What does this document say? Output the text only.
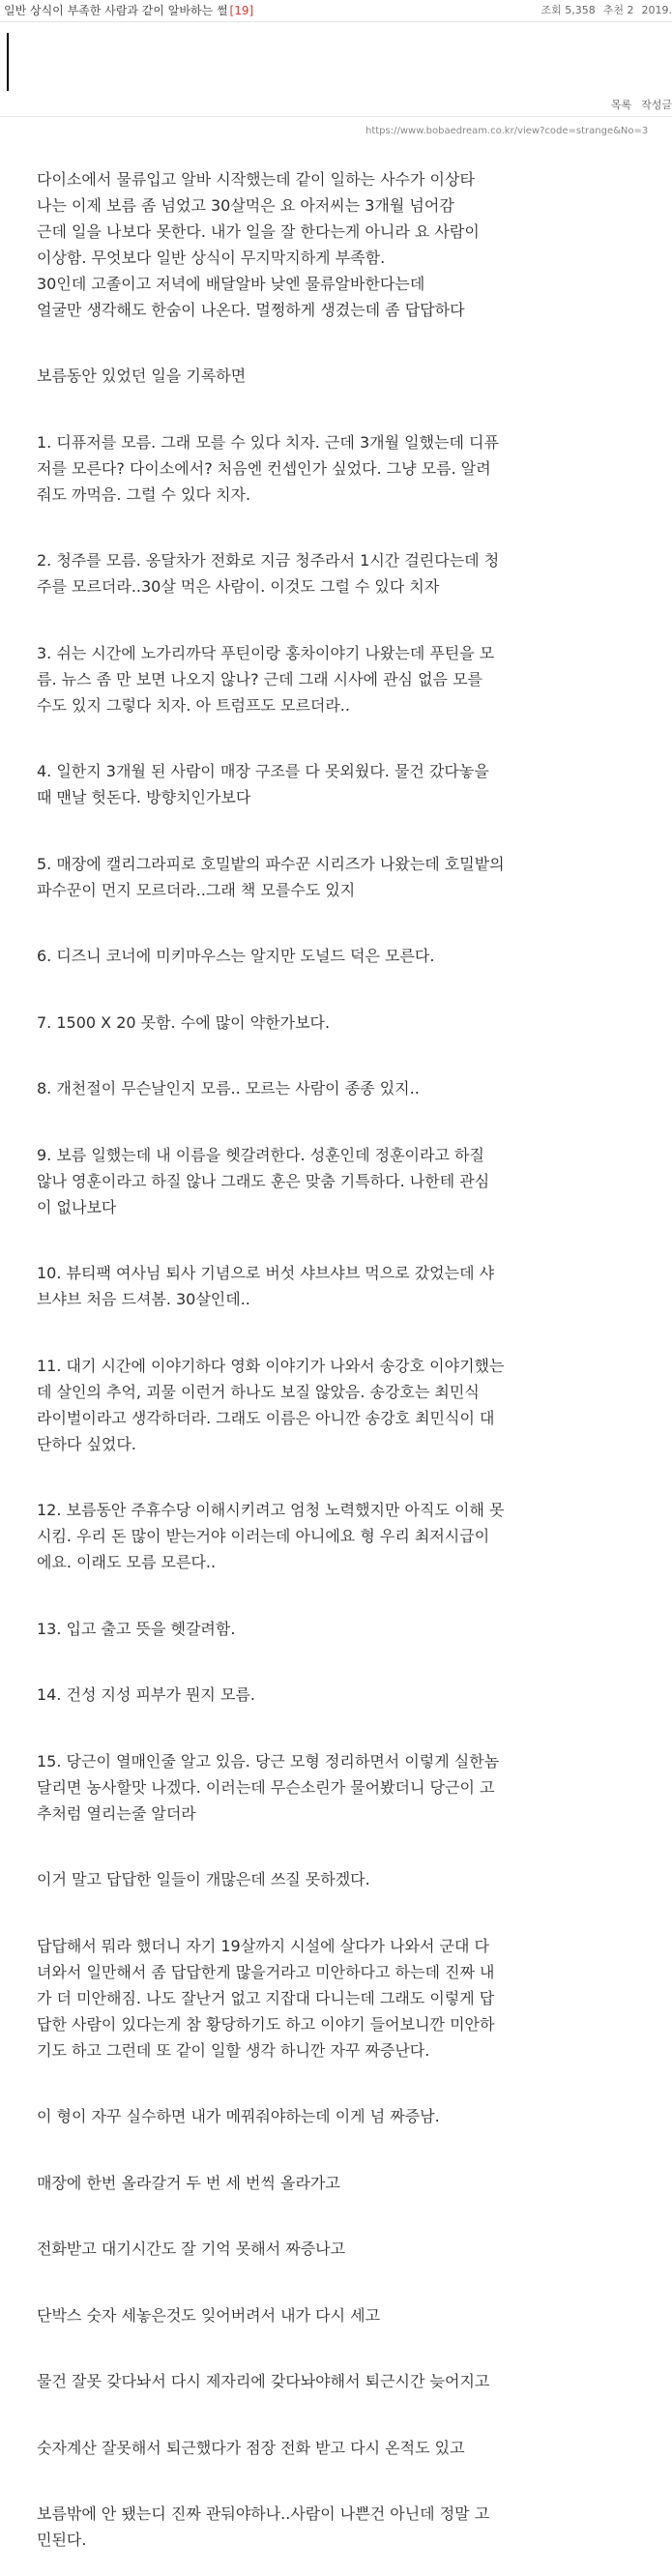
일반 상식이 부족한 사람과 같이 알바하는 썰 [19]	조회 5,358 추천 2 2019.
목록 작성글
https://www.bobaedream.co.kr/view?code=strange&No=3
다이소에서 물류입고 알바 시작했는데 같이 일하는 사수가 이상타
나는 이제 보름 좀 넘었고 30살먹은 요 아저씨는 3개월 넘어감
근데 일을 나보다 못한다. 내가 일을 잘 한다는게 아니라 요 사람이
이상함. 무엇보다 일반 상식이 무지막지하게 부족함.
30인데 고졸이고 저녁에 배달알바 낮엔 물류알바한다는데
얼굴만 생각해도 한숨이 나온다. 멀쩡하게 생겼는데 좀 답답하다
보름동안 있었던 일을 기록하면
1. 디퓨저를 모름. 그래 모를 수 있다 치자. 근데 3개월 일했는데 디퓨
저를 모른다? 다이소에서? 처음엔 컨셉인가 싶었다. 그냥 모름. 알려
줘도 까먹음. 그럴 수 있다 치자.
2. 청주를 모름. 옹달차가 전화로 지금 청주라서 1시간 걸린다는데 청
주를 모르더라..30살 먹은 사람이. 이것도 그럴 수 있다 치자
3. 쉬는 시간에 노가리까닥 푸틴이랑 홍차이야기 나왔는데 푸틴을 모
름. 뉴스 좀 만 보면 나오지 않나? 근데 그래 시사에 관심 없음 모를
수도 있지 그렇다 치자. 아 트럼프도 모르더라..
4. 일한지 3개월 된 사람이 매장 구조를 다 못외웠다. 물건 갔다놓을
때 맨날 헛돈다. 방향치인가보다
5. 매장에 캘리그라피로 호밀밭의 파수꾼 시리즈가 나왔는데 호밀밭의
파수꾼이 먼지 모르더라..그래 책 모를수도 있지
6. 디즈니 코너에 미키마우스는 알지만 도널드 덕은 모른다.
7. 1500 X 20 못함. 수에 많이 약한가보다.
8. 개천절이 무슨날인지 모름.. 모르는 사람이 종종 있지..
9. 보름 일했는데 내 이름을 헷갈려한다. 성훈인데 정훈이라고 하질
않나 영훈이라고 하질 않나 그래도 훈은 맞춤 기특하다. 나한테 관심
이 없나보다
10. 뷰티팩 여사님 퇴사 기념으로 버섯 샤브샤브 먹으로 갔었는데 샤
브샤브 처음 드셔봄. 30살인데..
11. 대기 시간에 이야기하다 영화 이야기가 나와서 송강호 이야기했는
데 살인의 추억, 괴물 이런거 하나도 보질 않았음. 송강호는 최민식
라이벌이라고 생각하더라. 그래도 이름은 아니깐 송강호 최민식이 대
단하다 싶었다.
12. 보름동안 주휴수당 이해시키려고 엄청 노력했지만 아직도 이해 못
시킴. 우리 돈 많이 받는거야 이러는데 아니에요 형 우리 최저시급이
에요. 이래도 모름 모른다..
13. 입고 출고 뜻을 헷갈려함.
14. 건성 지성 피부가 뭔지 모름.
15. 당근이 열매인줄 알고 있음. 당근 모형 정리하면서 이렇게 실한놈
달리면 농사할맛 나겠다. 이러는데 무슨소린가 물어봤더니 당근이 고
추처럼 열리는줄 알더라
이거 말고 답답한 일들이 개많은데 쓰질 못하겠다.
답답해서 뭐라 했더니 자기 19살까지 시설에 살다가 나와서 군대 다
녀와서 일만해서 좀 답답한게 많을거라고 미안하다고 하는데 진짜 내
가 더 미안해짐. 나도 잘난거 없고 지잡대 다니는데 그래도 이렇게 답
답한 사람이 있다는게 참 황당하기도 하고 이야기 들어보니깐 미안하
기도 하고 그런데 또 같이 일할 생각 하니깐 자꾸 짜증난다.
이 형이 자꾸 실수하면 내가 메꿔줘야하는데 이게 넘 짜증남.
매장에 한번 올라갈거 두 번 세 번씩 올라가고
전화받고 대기시간도 잘 기억 못해서 짜증나고
단박스 숫자 세놓은것도 잊어버려서 내가 다시 세고
물건 잘못 갖다놔서 다시 제자리에 갖다놔야해서 퇴근시간 늦어지고
숫자계산 잘못해서 퇴근했다가 점장 전화 받고 다시 온적도 있고
보름밖에 안 됐는디 진짜 관둬야하나..사람이 나쁜건 아닌데 정말 고
민된다.
